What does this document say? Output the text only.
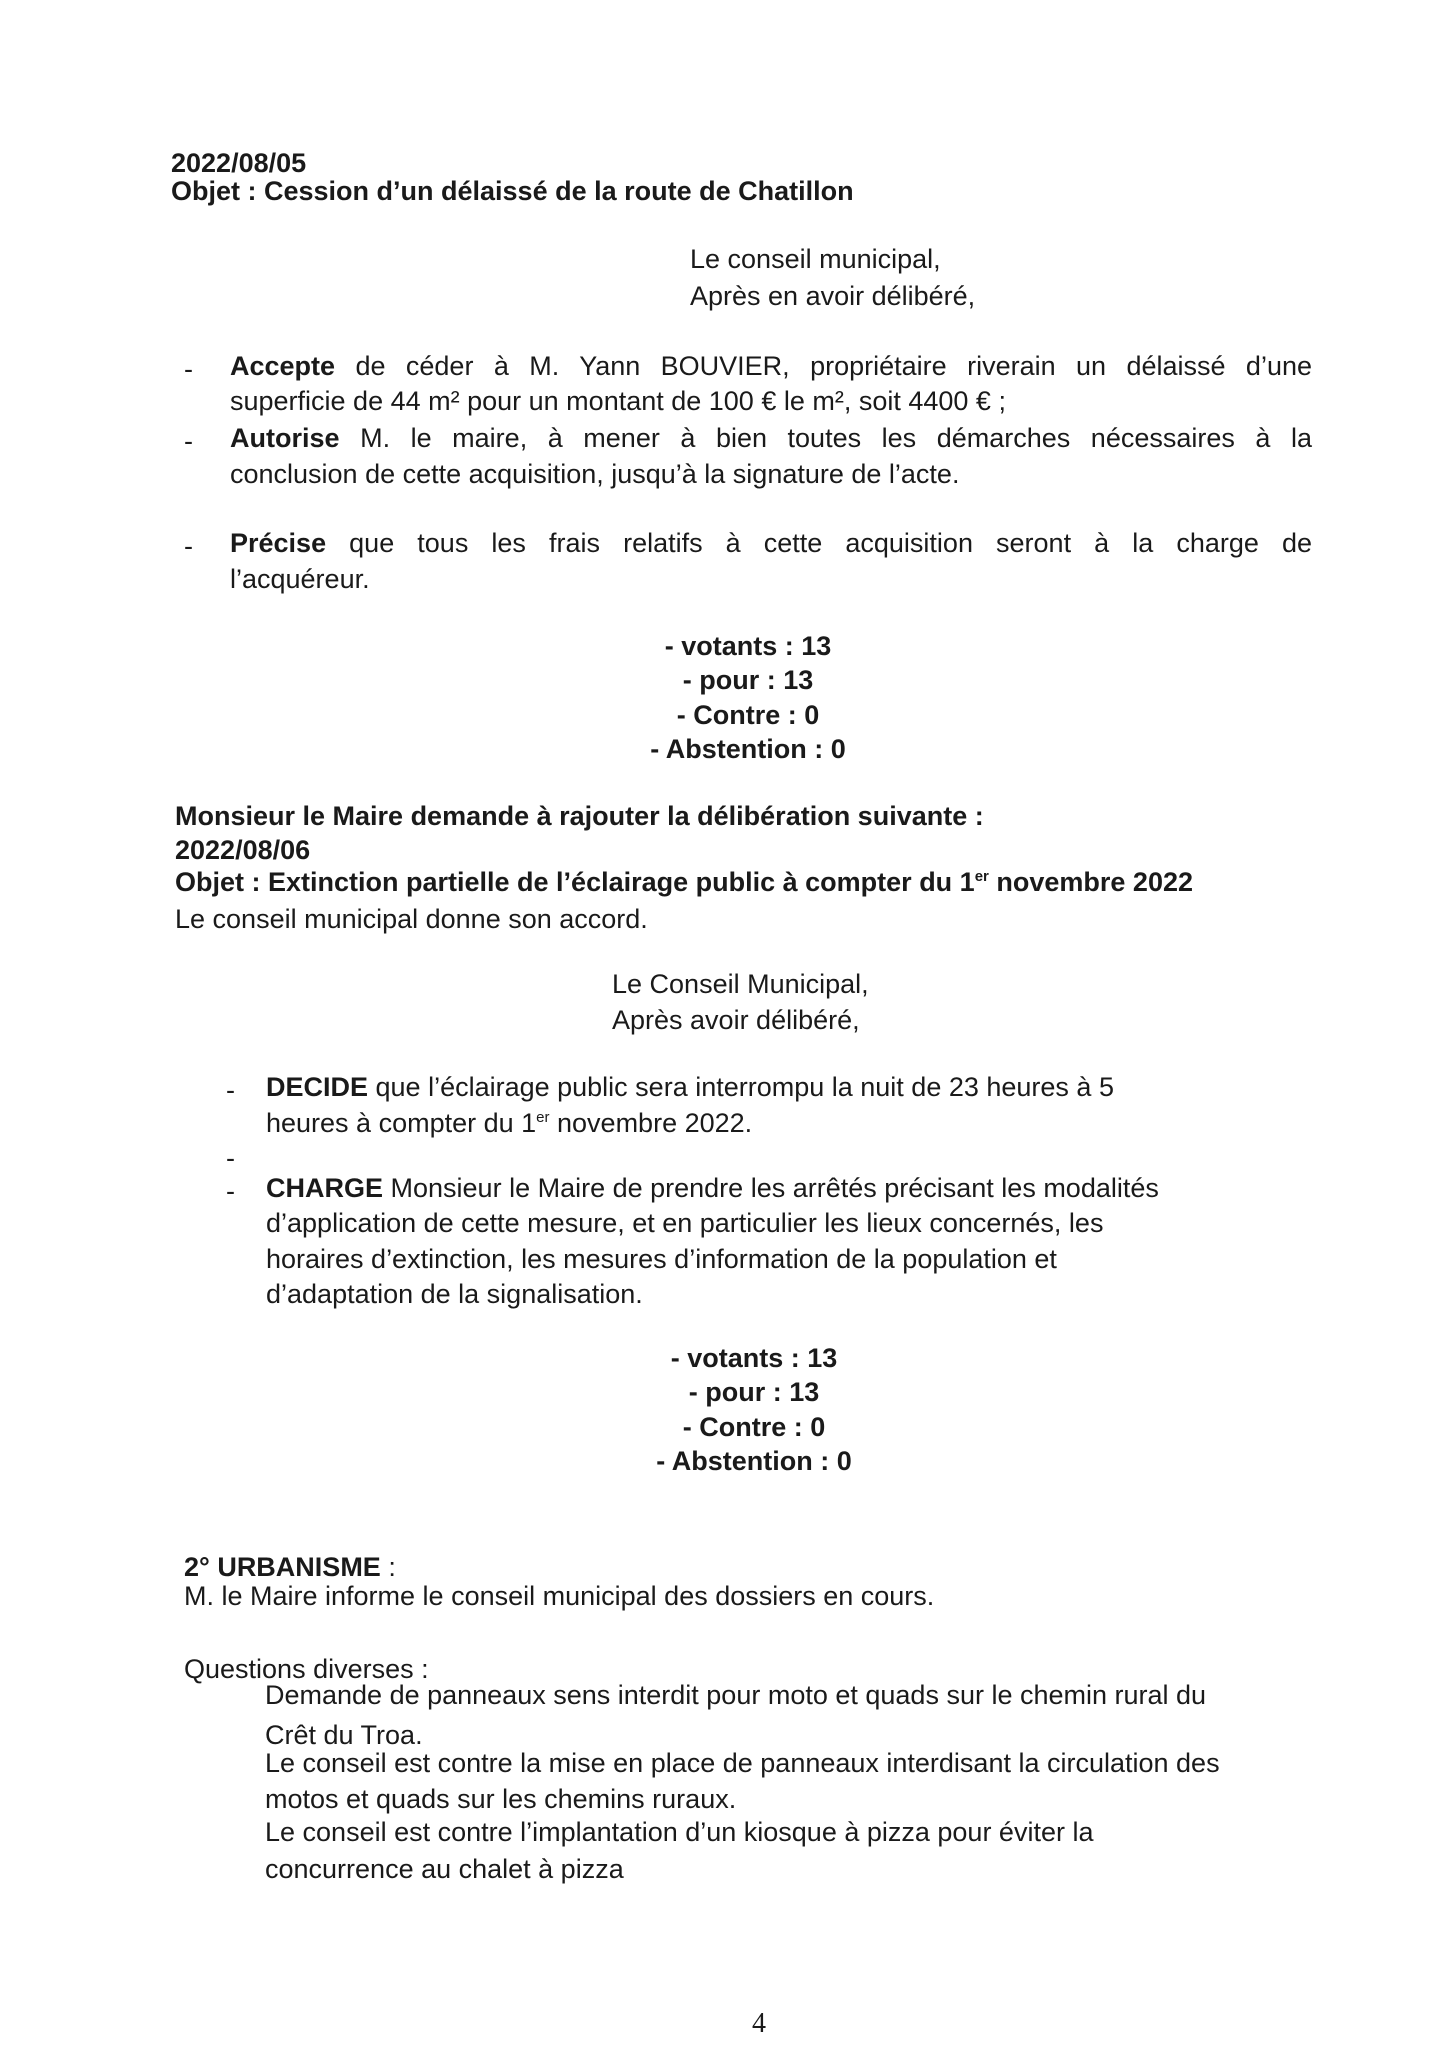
2022/08/05
Objet : Cession d’un délaissé de la route de Chatillon
Le conseil municipal,
Après en avoir délibéré,
- Accepte de céder à M. Yann BOUVIER, propriétaire riverain un délaissé d’une
superficie de 44 m² pour un montant de 100 € le m², soit 4400 € ;
- Autorise M. le maire, à mener à bien toutes les démarches nécessaires à la
conclusion de cette acquisition, jusqu’à la signature de l’acte.
- Précise que tous les frais relatifs à cette acquisition seront à la charge de
l’acquéreur.
- votants : 13
- pour : 13
- Contre : 0
- Abstention : 0
Monsieur le Maire demande à rajouter la délibération suivante :
2022/08/06
Objet : Extinction partielle de l’éclairage public à compter du 1er novembre 2022
Le conseil municipal donne son accord.
Le Conseil Municipal,
Après avoir délibéré,
- DECIDE que l’éclairage public sera interrompu la nuit de 23 heures à 5
heures à compter du 1er novembre 2022.
-
- CHARGE Monsieur le Maire de prendre les arrêtés précisant les modalités
d’application de cette mesure, et en particulier les lieux concernés, les
horaires d’extinction, les mesures d’information de la population et
d’adaptation de la signalisation.
- votants : 13
- pour : 13
- Contre : 0
- Abstention : 0
2° URBANISME :
M. le Maire informe le conseil municipal des dossiers en cours.
Questions diverses :
Demande de panneaux sens interdit pour moto et quads sur le chemin rural du
Crêt du Troa.
Le conseil est contre la mise en place de panneaux interdisant la circulation des
motos et quads sur les chemins ruraux.
Le conseil est contre l’implantation d’un kiosque à pizza pour éviter la
concurrence au chalet à pizza
4
